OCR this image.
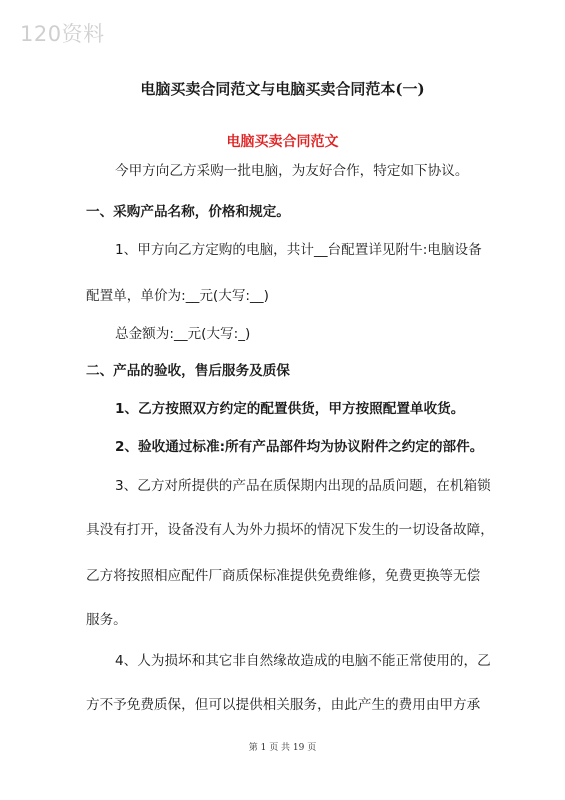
120资料
电脑买卖合同范文与电脑买卖合同范本(一)
电脑买卖合同范文
今甲方向乙方采购一批电脑，为友好合作，特定如下协议。
一、采购产品名称，价格和规定。
1、甲方向乙方定购的电脑，共计__台配置详见附牛:电脑设备
配置单，单价为:__元(大写:__)
总金额为:__元(大写:_)
二、产品的验收，售后服务及质保
1、乙方按照双方约定的配置供货，甲方按照配置单收货。
2、验收通过标准:所有产品部件均为协议附件之约定的部件。
3、乙方对所提供的产品在质保期内出现的品质问题，在机箱锁
具没有打开，设备没有人为外力损坏的情况下发生的一切设备故障，
乙方将按照相应配件厂商质保标准提供免费维修，免费更换等无偿
服务。
4、人为损坏和其它非自然缘故造成的电脑不能正常使用的，乙
方不予免费质保，但可以提供相关服务，由此产生的费用由甲方承
第 1 页 共 19 页
